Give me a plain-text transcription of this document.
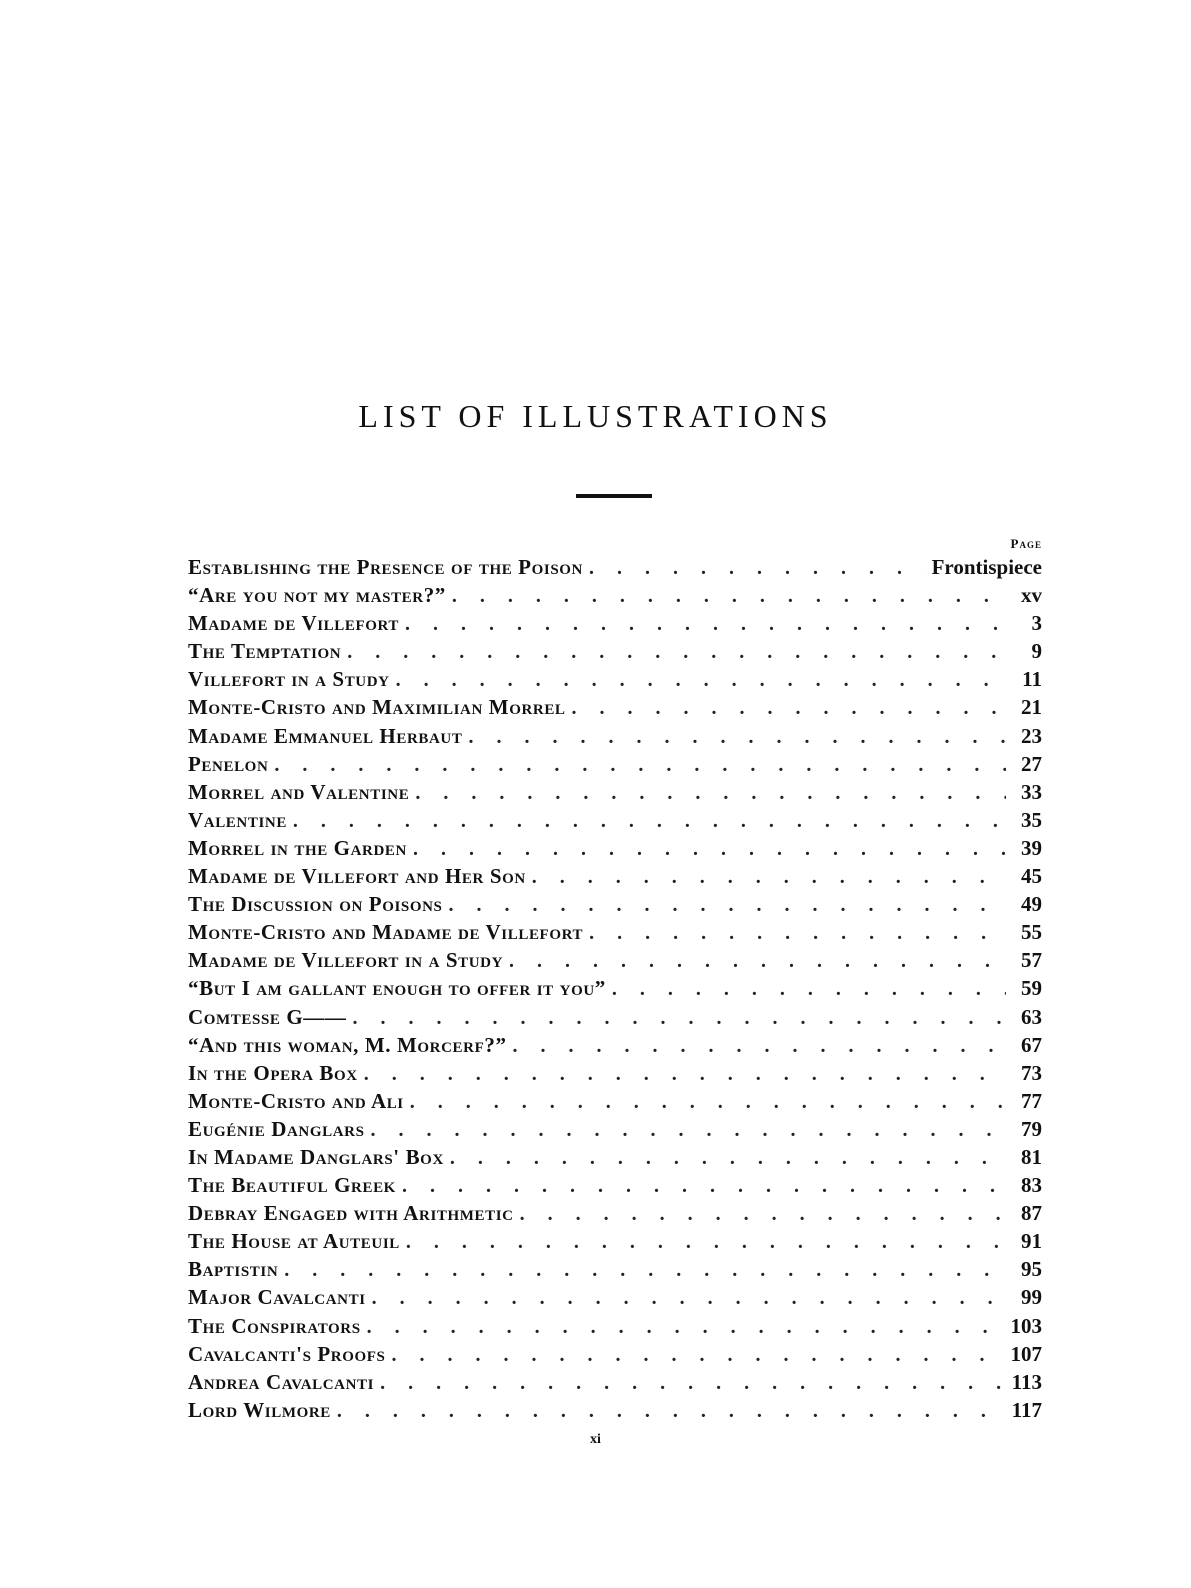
LIST OF ILLUSTRATIONS
Page
Establishing the Presence of the Poison . . .	Frontispiece
“Are you not my master?” . . .	xv
Madame de Villefort . . .	3
The Temptation . . .	9
Villefort in a Study . . .	11
Monte-Cristo and Maximilian Morrel . . .	21
Madame Emmanuel Herbaut . . .	23
Penelon . . .	27
Morrel and Valentine . . .	33
Valentine . . .	35
Morrel in the Garden . . .	39
Madame de Villefort and Her Son . . .	45
The Discussion on Poisons . . .	49
Monte-Cristo and Madame de Villefort . . .	55
Madame de Villefort in a Study . . .	57
“But I am gallant enough to offer it you” . . .	59
Comtesse G—— . . .	63
“And this woman, M. Morcerf?” . . .	67
In the Opera Box . . .	73
Monte-Cristo and Ali . . .	77
Eugénie Danglars . . .	79
In Madame Danglars' Box . . .	81
The Beautiful Greek . . .	83
Debray Engaged with Arithmetic . . .	87
The House at Auteuil . . .	91
Baptistin . . .	95
Major Cavalcanti . . .	99
The Conspirators . . .	103
Cavalcanti's Proofs . . .	107
Andrea Cavalcanti . . .	113
Lord Wilmore . . .	117
xi
